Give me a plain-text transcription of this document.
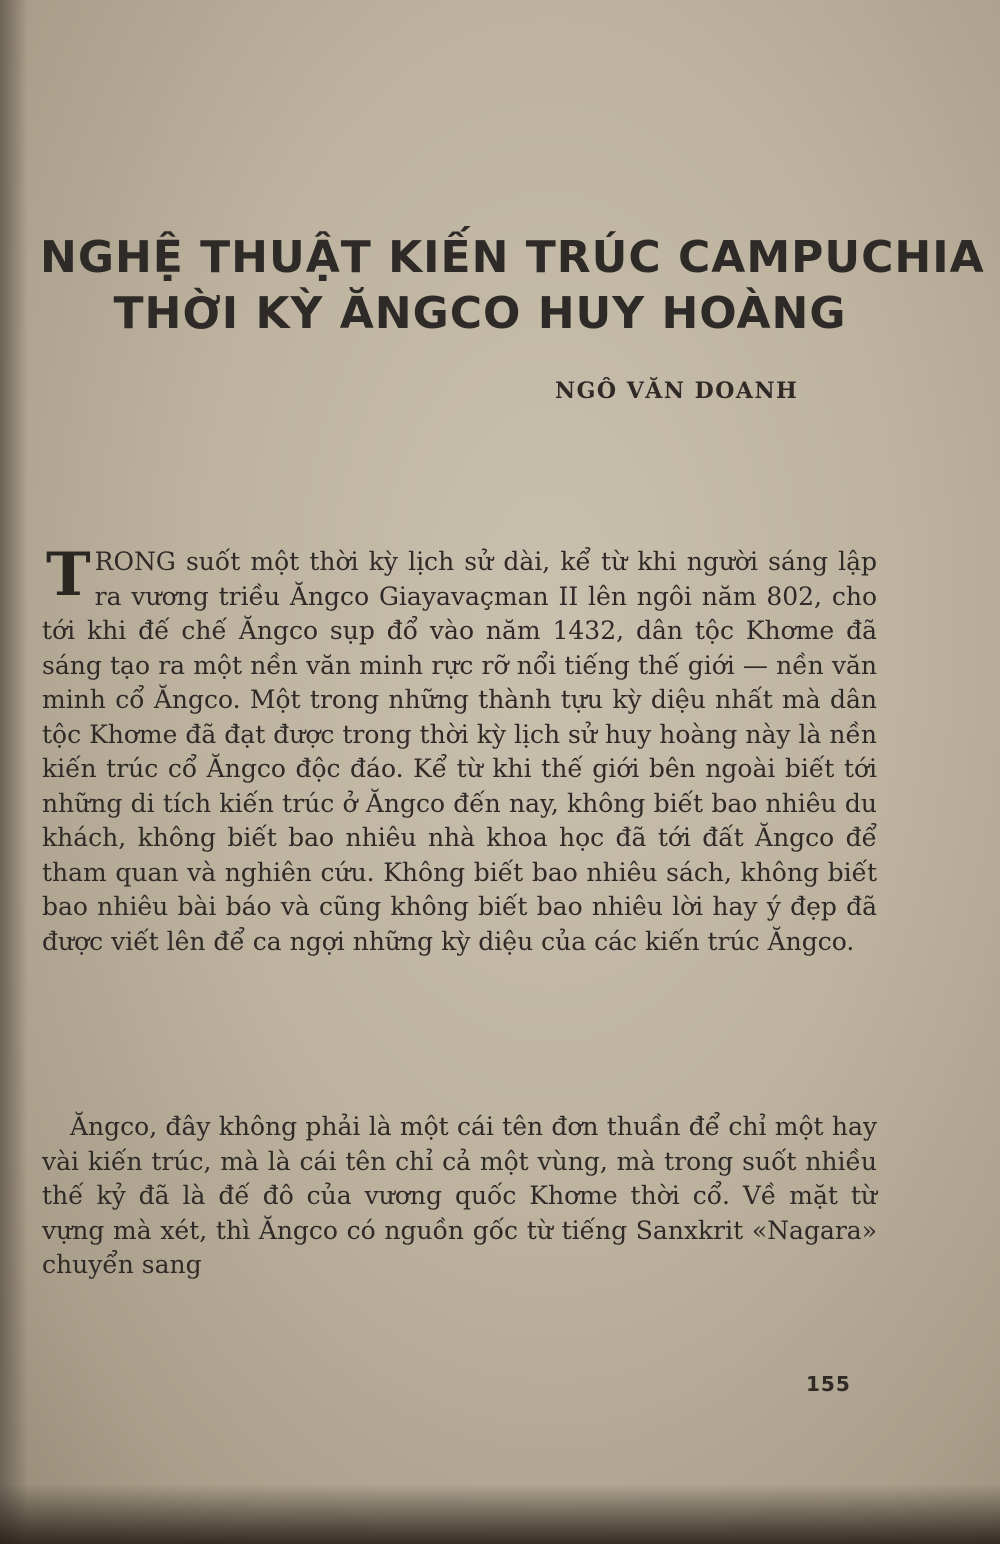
NGHỆ THUẬT KIẾN TRÚC CAMPUCHIA
THỜI KỲ ĂNGCO HUY HOÀNG
NGÔ VĂN DOANH

TRONG suốt một thời kỳ lịch sử dài, kể từ khi người sáng lập ra vương triều Ăngco Giayavaçman II lên ngôi năm 802, cho tới khi đế chế Ăngco sụp đổ vào năm 1432, dân tộc Khơme đã sáng tạo ra một nền văn minh rực rỡ nổi tiếng thế giới — nền văn minh cổ Ăngco. Một trong những thành tựu kỳ diệu nhất mà dân tộc Khơme đã đạt được trong thời kỳ lịch sử huy hoàng này là nền kiến trúc cổ Ăngco độc đáo. Kể từ khi thế giới bên ngoài biết tới những di tích kiến trúc ở Ăngco đến nay, không biết bao nhiêu du khách, không biết bao nhiêu nhà khoa học đã tới đất Ăngco để tham quan và nghiên cứu. Không biết bao nhiêu sách, không biết bao nhiêu bài báo và cũng không biết bao nhiêu lời hay ý đẹp đã được viết lên để ca ngợi những kỳ diệu của các kiến trúc Ăngco.

Ăngco, đây không phải là một cái tên đơn thuần để chỉ một hay vài kiến trúc, mà là cái tên chỉ cả một vùng, mà trong suốt nhiều thế kỷ đã là đế đô của vương quốc Khơme thời cổ. Về mặt từ vựng mà xét, thì Ăngco có nguồn gốc từ tiếng Sanxkrit «Nagara» chuyển sang

155
